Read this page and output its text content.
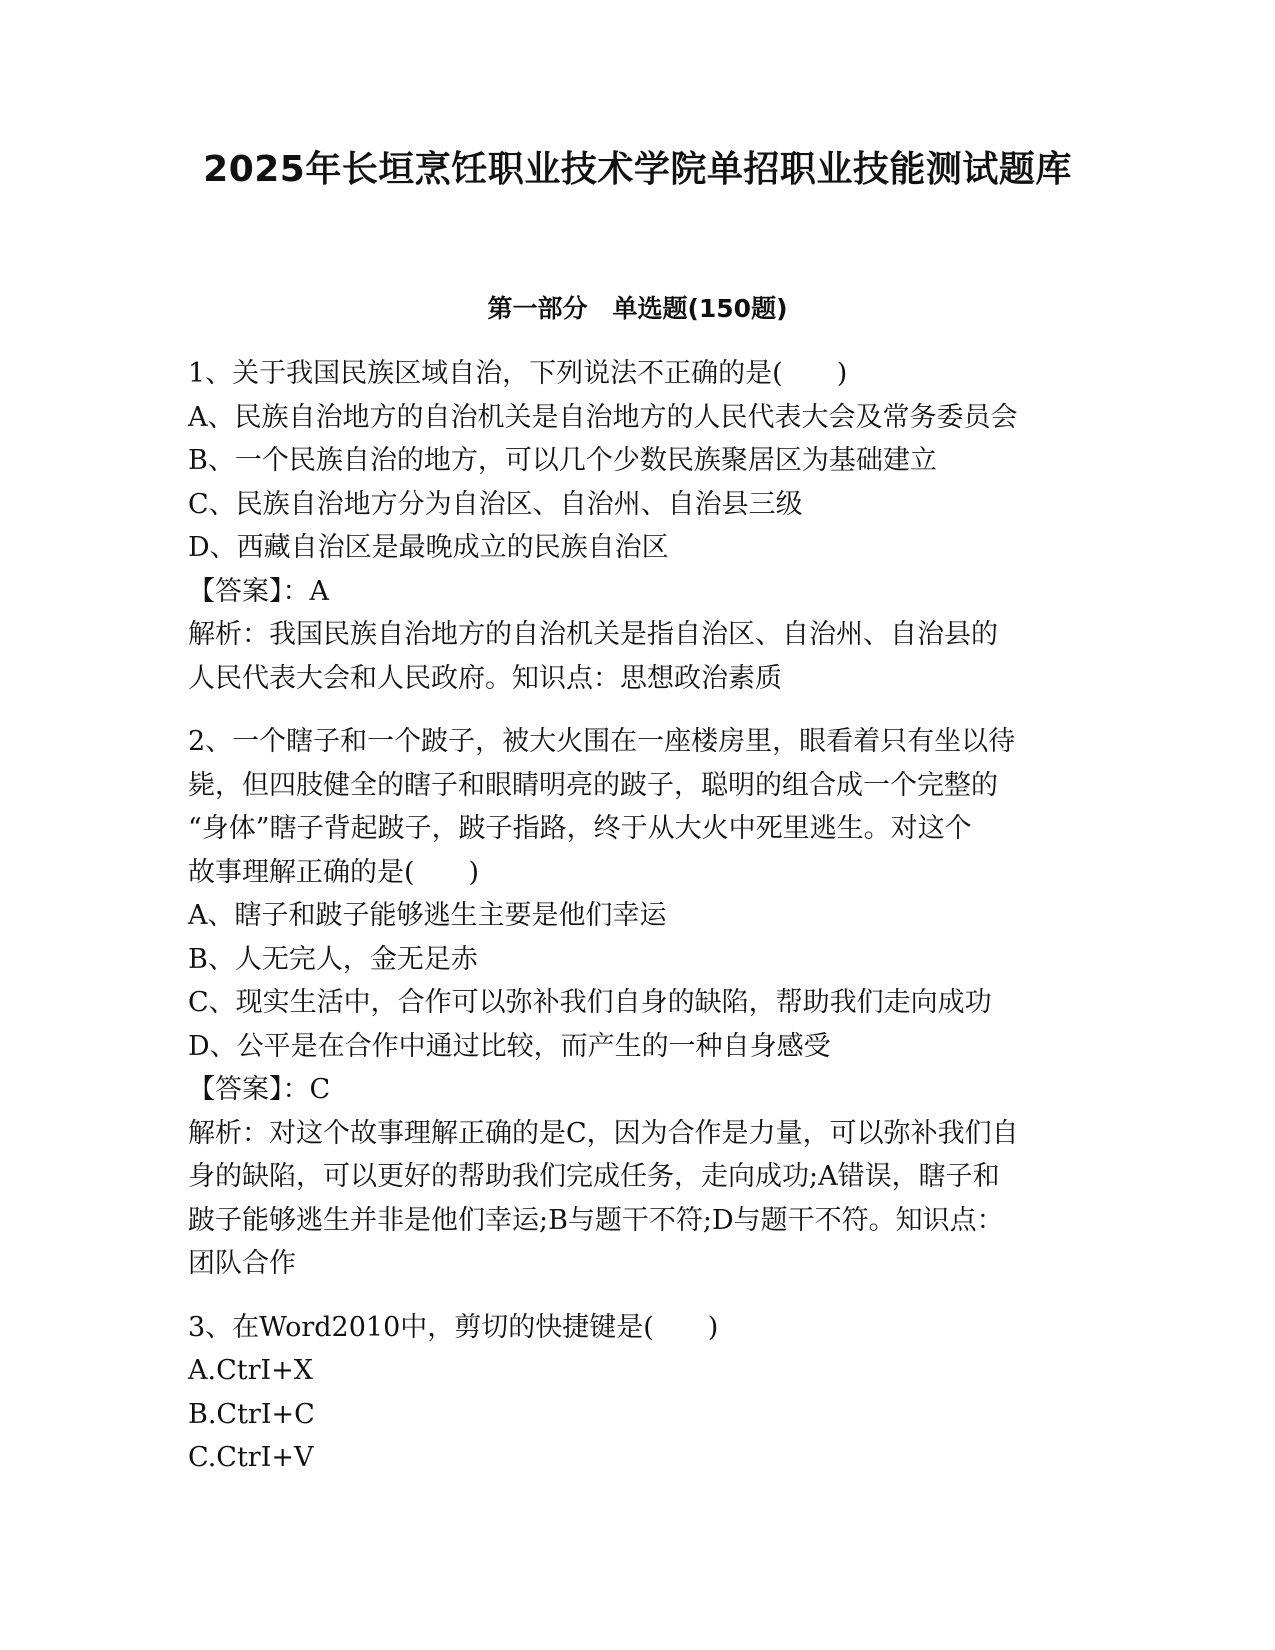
2025年长垣烹饪职业技术学院单招职业技能测试题库
第一部分　单选题(150题)
1、关于我国民族区域自治，下列说法不正确的是(　　)
A、民族自治地方的自治机关是自治地方的人民代表大会及常务委员会
B、一个民族自治的地方，可以几个少数民族聚居区为基础建立
C、民族自治地方分为自治区、自治州、自治县三级
D、西藏自治区是最晚成立的民族自治区
【答案】：A
解析：我国民族自治地方的自治机关是指自治区、自治州、自治县的
人民代表大会和人民政府。知识点：思想政治素质
2、一个瞎子和一个跛子，被大火围在一座楼房里，眼看着只有坐以待
毙，但四肢健全的瞎子和眼睛明亮的跛子，聪明的组合成一个完整的
“身体”瞎子背起跛子，跛子指路，终于从大火中死里逃生。对这个
故事理解正确的是(　　)
A、瞎子和跛子能够逃生主要是他们幸运
B、人无完人，金无足赤
C、现实生活中，合作可以弥补我们自身的缺陷，帮助我们走向成功
D、公平是在合作中通过比较，而产生的一种自身感受
【答案】：C
解析：对这个故事理解正确的是C，因为合作是力量，可以弥补我们自
身的缺陷，可以更好的帮助我们完成任务，走向成功;A错误，瞎子和
跛子能够逃生并非是他们幸运;B与题干不符;D与题干不符。知识点：
团队合作
3、在Word2010中，剪切的快捷键是(　　)
A.CtrI+X
B.CtrI+C
C.CtrI+V
